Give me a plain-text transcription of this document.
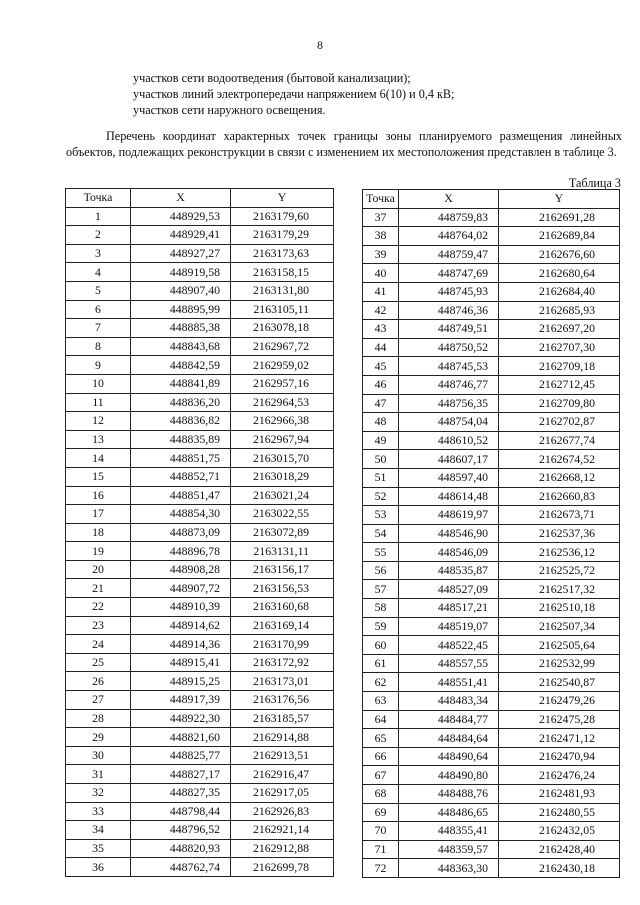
8
участков сети водоотведения (бытовой канализации);
участков линий электропередачи напряжением 6(10) и 0,4 кВ;
участков сети наружного освещения.
Перечень координат характерных точек границы зоны планируемого размещения линейных объектов, подлежащих реконструкции в связи с изменением их местоположения представлен в таблице 3.
Таблица 3
Точка	X	Y
1	448929,53	2163179,60
2	448929,41	2163179,29
3	448927,27	2163173,63
4	448919,58	2163158,15
5	448907,40	2163131,80
6	448895,99	2163105,11
7	448885,38	2163078,18
8	448843,68	2162967,72
9	448842,59	2162959,02
10	448841,89	2162957,16
11	448836,20	2162964,53
12	448836,82	2162966,38
13	448835,89	2162967,94
14	448851,75	2163015,70
15	448852,71	2163018,29
16	448851,47	2163021,24
17	448854,30	2163022,55
18	448873,09	2163072,89
19	448896,78	2163131,11
20	448908,28	2163156,17
21	448907,72	2163156,53
22	448910,39	2163160,68
23	448914,62	2163169,14
24	448914,36	2163170,99
25	448915,41	2163172,92
26	448915,25	2163173,01
27	448917,39	2163176,56
28	448922,30	2163185,57
29	448821,60	2162914,88
30	448825,77	2162913,51
31	448827,17	2162916,47
32	448827,35	2162917,05
33	448798,44	2162926,83
34	448796,52	2162921,14
35	448820,93	2162912,88
36	448762,74	2162699,78
Точка	X	Y
37	448759,83	2162691,28
38	448764,02	2162689,84
39	448759,47	2162676,60
40	448747,69	2162680,64
41	448745,93	2162684,40
42	448746,36	2162685,93
43	448749,51	2162697,20
44	448750,52	2162707,30
45	448745,53	2162709,18
46	448746,77	2162712,45
47	448756,35	2162709,80
48	448754,04	2162702,87
49	448610,52	2162677,74
50	448607,17	2162674,52
51	448597,40	2162668,12
52	448614,48	2162660,83
53	448619,97	2162673,71
54	448546,90	2162537,36
55	448546,09	2162536,12
56	448535,87	2162525,72
57	448527,09	2162517,32
58	448517,21	2162510,18
59	448519,07	2162507,34
60	448522,45	2162505,64
61	448557,55	2162532,99
62	448551,41	2162540,87
63	448483,34	2162479,26
64	448484,77	2162475,28
65	448484,64	2162471,12
66	448490,64	2162470,94
67	448490,80	2162476,24
68	448488,76	2162481,93
69	448486,65	2162480,55
70	448355,41	2162432,05
71	448359,57	2162428,40
72	448363,30	2162430,18
